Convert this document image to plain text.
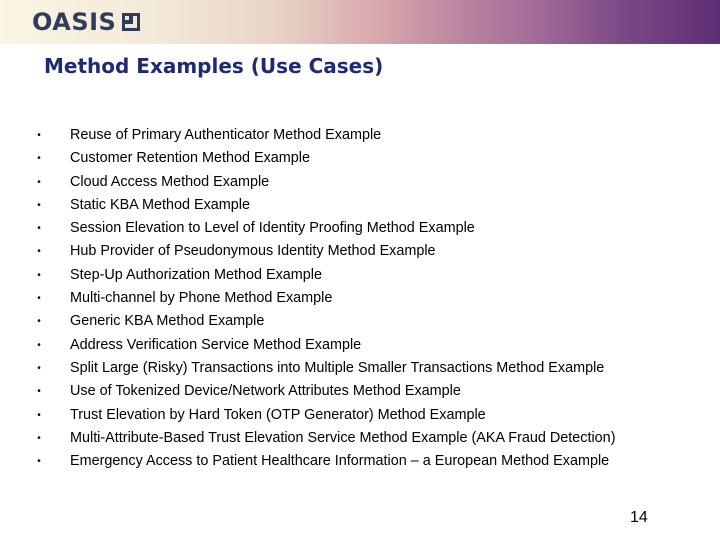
OASIS
Method Examples (Use Cases)
• Reuse of Primary Authenticator Method Example
• Customer Retention Method Example
• Cloud Access Method Example
• Static KBA Method Example
• Session Elevation to Level of Identity Proofing Method Example
• Hub Provider of Pseudonymous Identity Method Example
• Step-Up Authorization Method Example
• Multi-channel by Phone Method Example
• Generic KBA Method Example
• Address Verification Service Method Example
• Split Large (Risky) Transactions into Multiple Smaller Transactions Method Example
• Use of Tokenized Device/Network Attributes Method Example
• Trust Elevation by Hard Token (OTP Generator) Method Example
• Multi-Attribute-Based Trust Elevation Service Method Example (AKA Fraud Detection)
• Emergency Access to Patient Healthcare Information – a European Method Example
14
